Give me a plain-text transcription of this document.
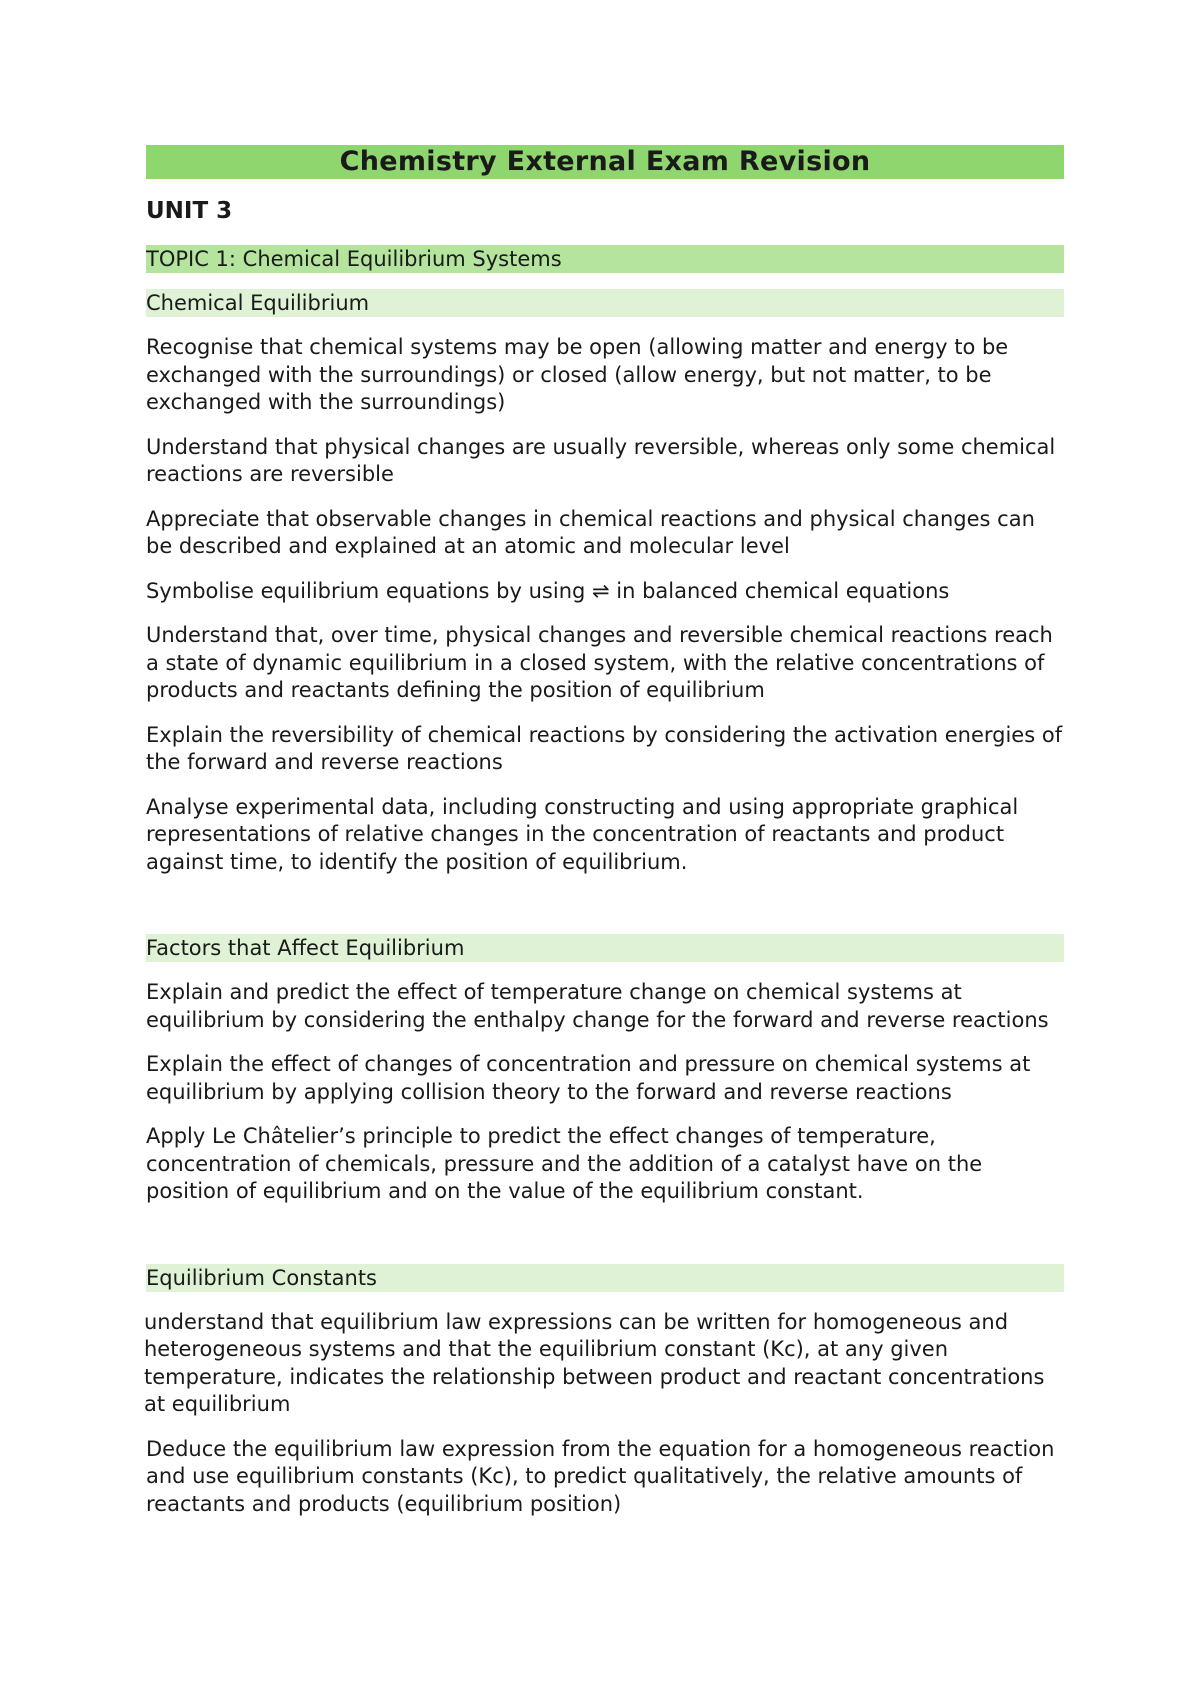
Chemistry External Exam Revision
UNIT 3
TOPIC 1: Chemical Equilibrium Systems
Chemical Equilibrium
Recognise that chemical systems may be open (allowing matter and energy to be exchanged with the surroundings) or closed (allow energy, but not matter, to be exchanged with the surroundings)
Understand that physical changes are usually reversible, whereas only some chemical reactions are reversible
Appreciate that observable changes in chemical reactions and physical changes can be described and explained at an atomic and molecular level
Symbolise equilibrium equations by using ⇌ in balanced chemical equations
Understand that, over time, physical changes and reversible chemical reactions reach a state of dynamic equilibrium in a closed system, with the relative concentrations of products and reactants defining the position of equilibrium
Explain the reversibility of chemical reactions by considering the activation energies of the forward and reverse reactions
Analyse experimental data, including constructing and using appropriate graphical representations of relative changes in the concentration of reactants and product against time, to identify the position of equilibrium.
Factors that Affect Equilibrium
Explain and predict the effect of temperature change on chemical systems at equilibrium by considering the enthalpy change for the forward and reverse reactions
Explain the effect of changes of concentration and pressure on chemical systems at equilibrium by applying collision theory to the forward and reverse reactions
Apply Le Châtelier’s principle to predict the effect changes of temperature, concentration of chemicals, pressure and the addition of a catalyst have on the position of equilibrium and on the value of the equilibrium constant.
Equilibrium Constants
understand that equilibrium law expressions can be written for homogeneous and heterogeneous systems and that the equilibrium constant (Kc), at any given temperature, indicates the relationship between product and reactant concentrations at equilibrium
Deduce the equilibrium law expression from the equation for a homogeneous reaction and use equilibrium constants (Kc), to predict qualitatively, the relative amounts of reactants and products (equilibrium position)
